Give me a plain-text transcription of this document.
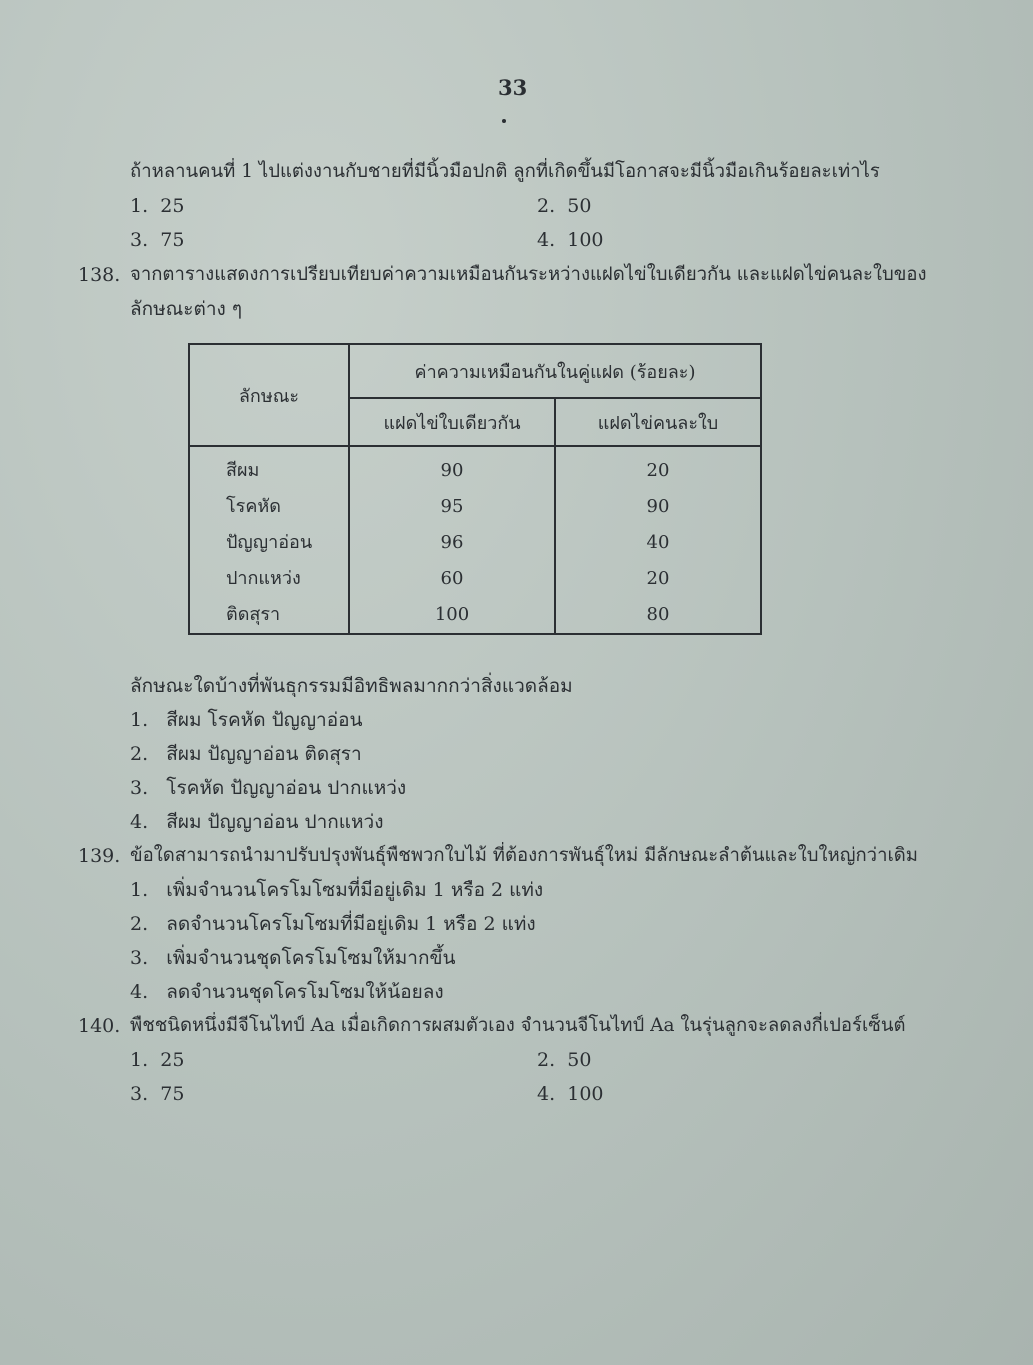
33
ถ้าหลานคนที่ 1 ไปแต่งงานกับชายที่มีนิ้วมือปกติ ลูกที่เกิดขึ้นมีโอกาสจะมีนิ้วมือเกินร้อยละเท่าไร
1. 25	2. 50
3. 75	4. 100
138. จากตารางแสดงการเปรียบเทียบค่าความเหมือนกันระหว่างแฝดไข่ใบเดียวกัน และแฝดไข่คนละใบของ
ลักษณะต่าง ๆ
ลักษณะ	ค่าความเหมือนกันในคู่แฝด (ร้อยละ)	
	แฝดไข่ใบเดียวกัน	แฝดไข่คนละใบ
สีผม	90	20
โรคหัด	95	90
ปัญญาอ่อน	96	40
ปากแหว่ง	60	20
ติดสุรา	100	80
ลักษณะใดบ้างที่พันธุกรรมมีอิทธิพลมากกว่าสิ่งแวดล้อม
1. สีผม โรคหัด ปัญญาอ่อน
2. สีผม ปัญญาอ่อน ติดสุรา
3. โรคหัด ปัญญาอ่อน ปากแหว่ง
4. สีผม ปัญญาอ่อน ปากแหว่ง
139. ข้อใดสามารถนำมาปรับปรุงพันธุ์พืชพวกใบไม้ ที่ต้องการพันธุ์ใหม่ มีลักษณะลำต้นและใบใหญ่กว่าเดิม
1. เพิ่มจำนวนโครโมโซมที่มีอยู่เดิม 1 หรือ 2 แท่ง
2. ลดจำนวนโครโมโซมที่มีอยู่เดิม 1 หรือ 2 แท่ง
3. เพิ่มจำนวนชุดโครโมโซมให้มากขึ้น
4. ลดจำนวนชุดโครโมโซมให้น้อยลง
140. พืชชนิดหนึ่งมีจีโนไทป์ Aa เมื่อเกิดการผสมตัวเอง จำนวนจีโนไทป์ Aa ในรุ่นลูกจะลดลงกี่เปอร์เซ็นต์
1. 25	2. 50
3. 75	4. 100
